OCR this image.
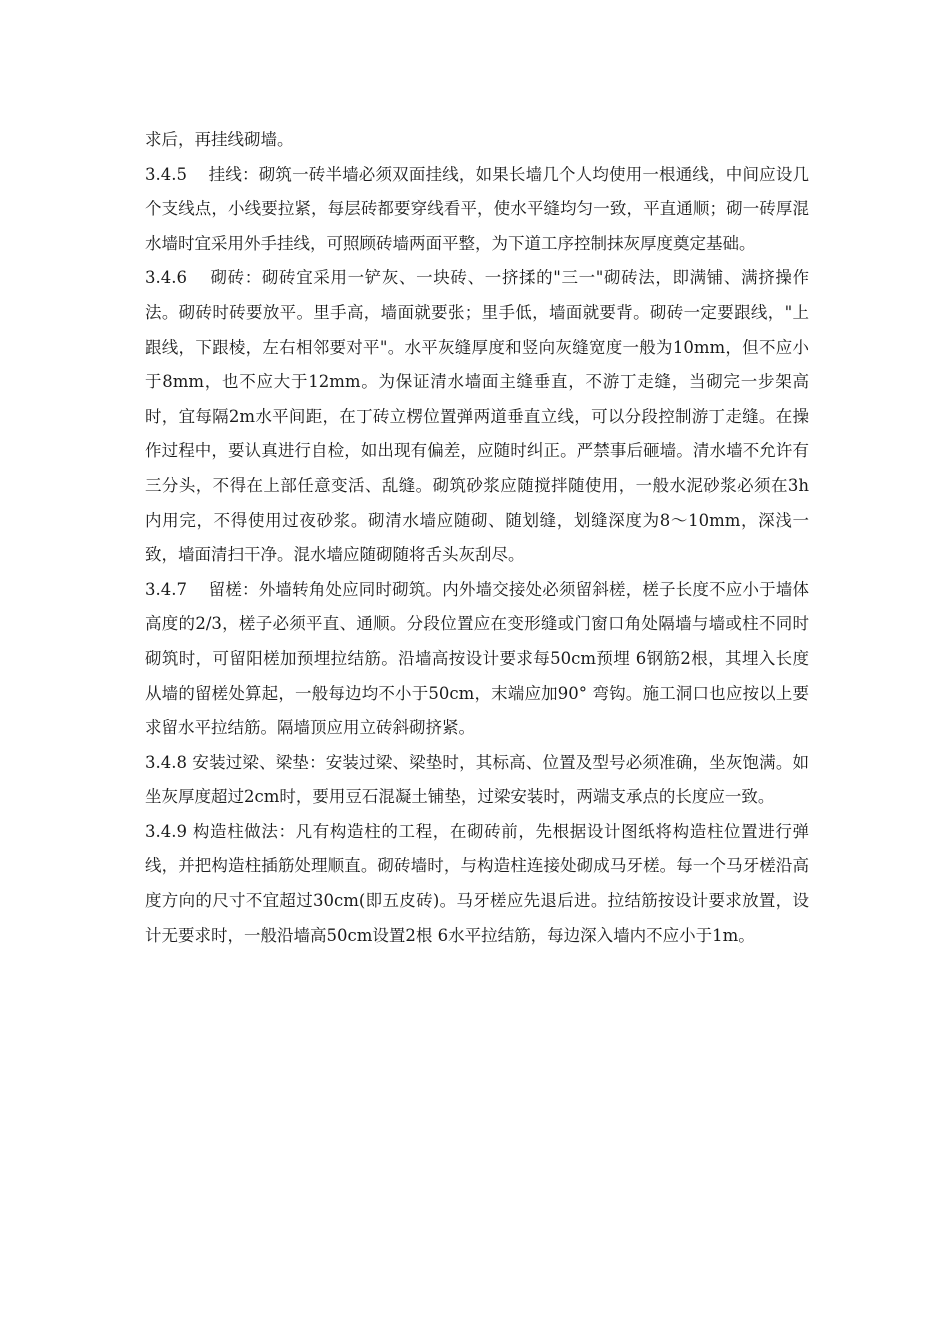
求后，再挂线砌墙。

3.4.5    挂线：砌筑一砖半墙必须双面挂线，如果长墙几个人均使用一根通线，中间应设几个支线点，小线要拉紧，每层砖都要穿线看平，使水平缝均匀一致，平直通顺；砌一砖厚混水墙时宜采用外手挂线，可照顾砖墙两面平整，为下道工序控制抹灰厚度奠定基础。

3.4.6    砌砖：砌砖宜采用一铲灰、一块砖、一挤揉的"三一"砌砖法，即满铺、满挤操作法。砌砖时砖要放平。里手高，墙面就要张；里手低，墙面就要背。砌砖一定要跟线，"上跟线，下跟棱，左右相邻要对平"。水平灰缝厚度和竖向灰缝宽度一般为10mm，但不应小于8mm，也不应大于12mm。为保证清水墙面主缝垂直，不游丁走缝，当砌完一步架高时，宜每隔2m水平间距，在丁砖立楞位置弹两道垂直立线，可以分段控制游丁走缝。在操作过程中，要认真进行自检，如出现有偏差，应随时纠正。严禁事后砸墙。清水墙不允许有三分头，不得在上部任意变活、乱缝。砌筑砂浆应随搅拌随使用，一般水泥砂浆必须在3h内用完，不得使用过夜砂浆。砌清水墙应随砌、随划缝，划缝深度为8～10mm，深浅一致，墙面清扫干净。混水墙应随砌随将舌头灰刮尽。

3.4.7    留槎：外墙转角处应同时砌筑。内外墙交接处必须留斜槎，槎子长度不应小于墙体高度的2/3，槎子必须平直、通顺。分段位置应在变形缝或门窗口角处隔墙与墙或柱不同时砌筑时，可留阳槎加预埋拉结筋。沿墙高按设计要求每50cm预埋 6钢筋2根，其埋入长度从墙的留槎处算起，一般每边均不小于50cm，末端应加90° 弯钩。施工洞口也应按以上要求留水平拉结筋。隔墙顶应用立砖斜砌挤紧。

3.4.8 安装过梁、梁垫：安装过梁、梁垫时，其标高、位置及型号必须准确，坐灰饱满。如坐灰厚度超过2cm时，要用豆石混凝土铺垫，过梁安装时，两端支承点的长度应一致。

3.4.9 构造柱做法：凡有构造柱的工程，在砌砖前，先根据设计图纸将构造柱位置进行弹线，并把构造柱插筋处理顺直。砌砖墙时，与构造柱连接处砌成马牙槎。每一个马牙槎沿高度方向的尺寸不宜超过30cm(即五皮砖)。马牙槎应先退后进。拉结筋按设计要求放置，设计无要求时，一般沿墙高50cm设置2根 6水平拉结筋，每边深入墙内不应小于1m。
